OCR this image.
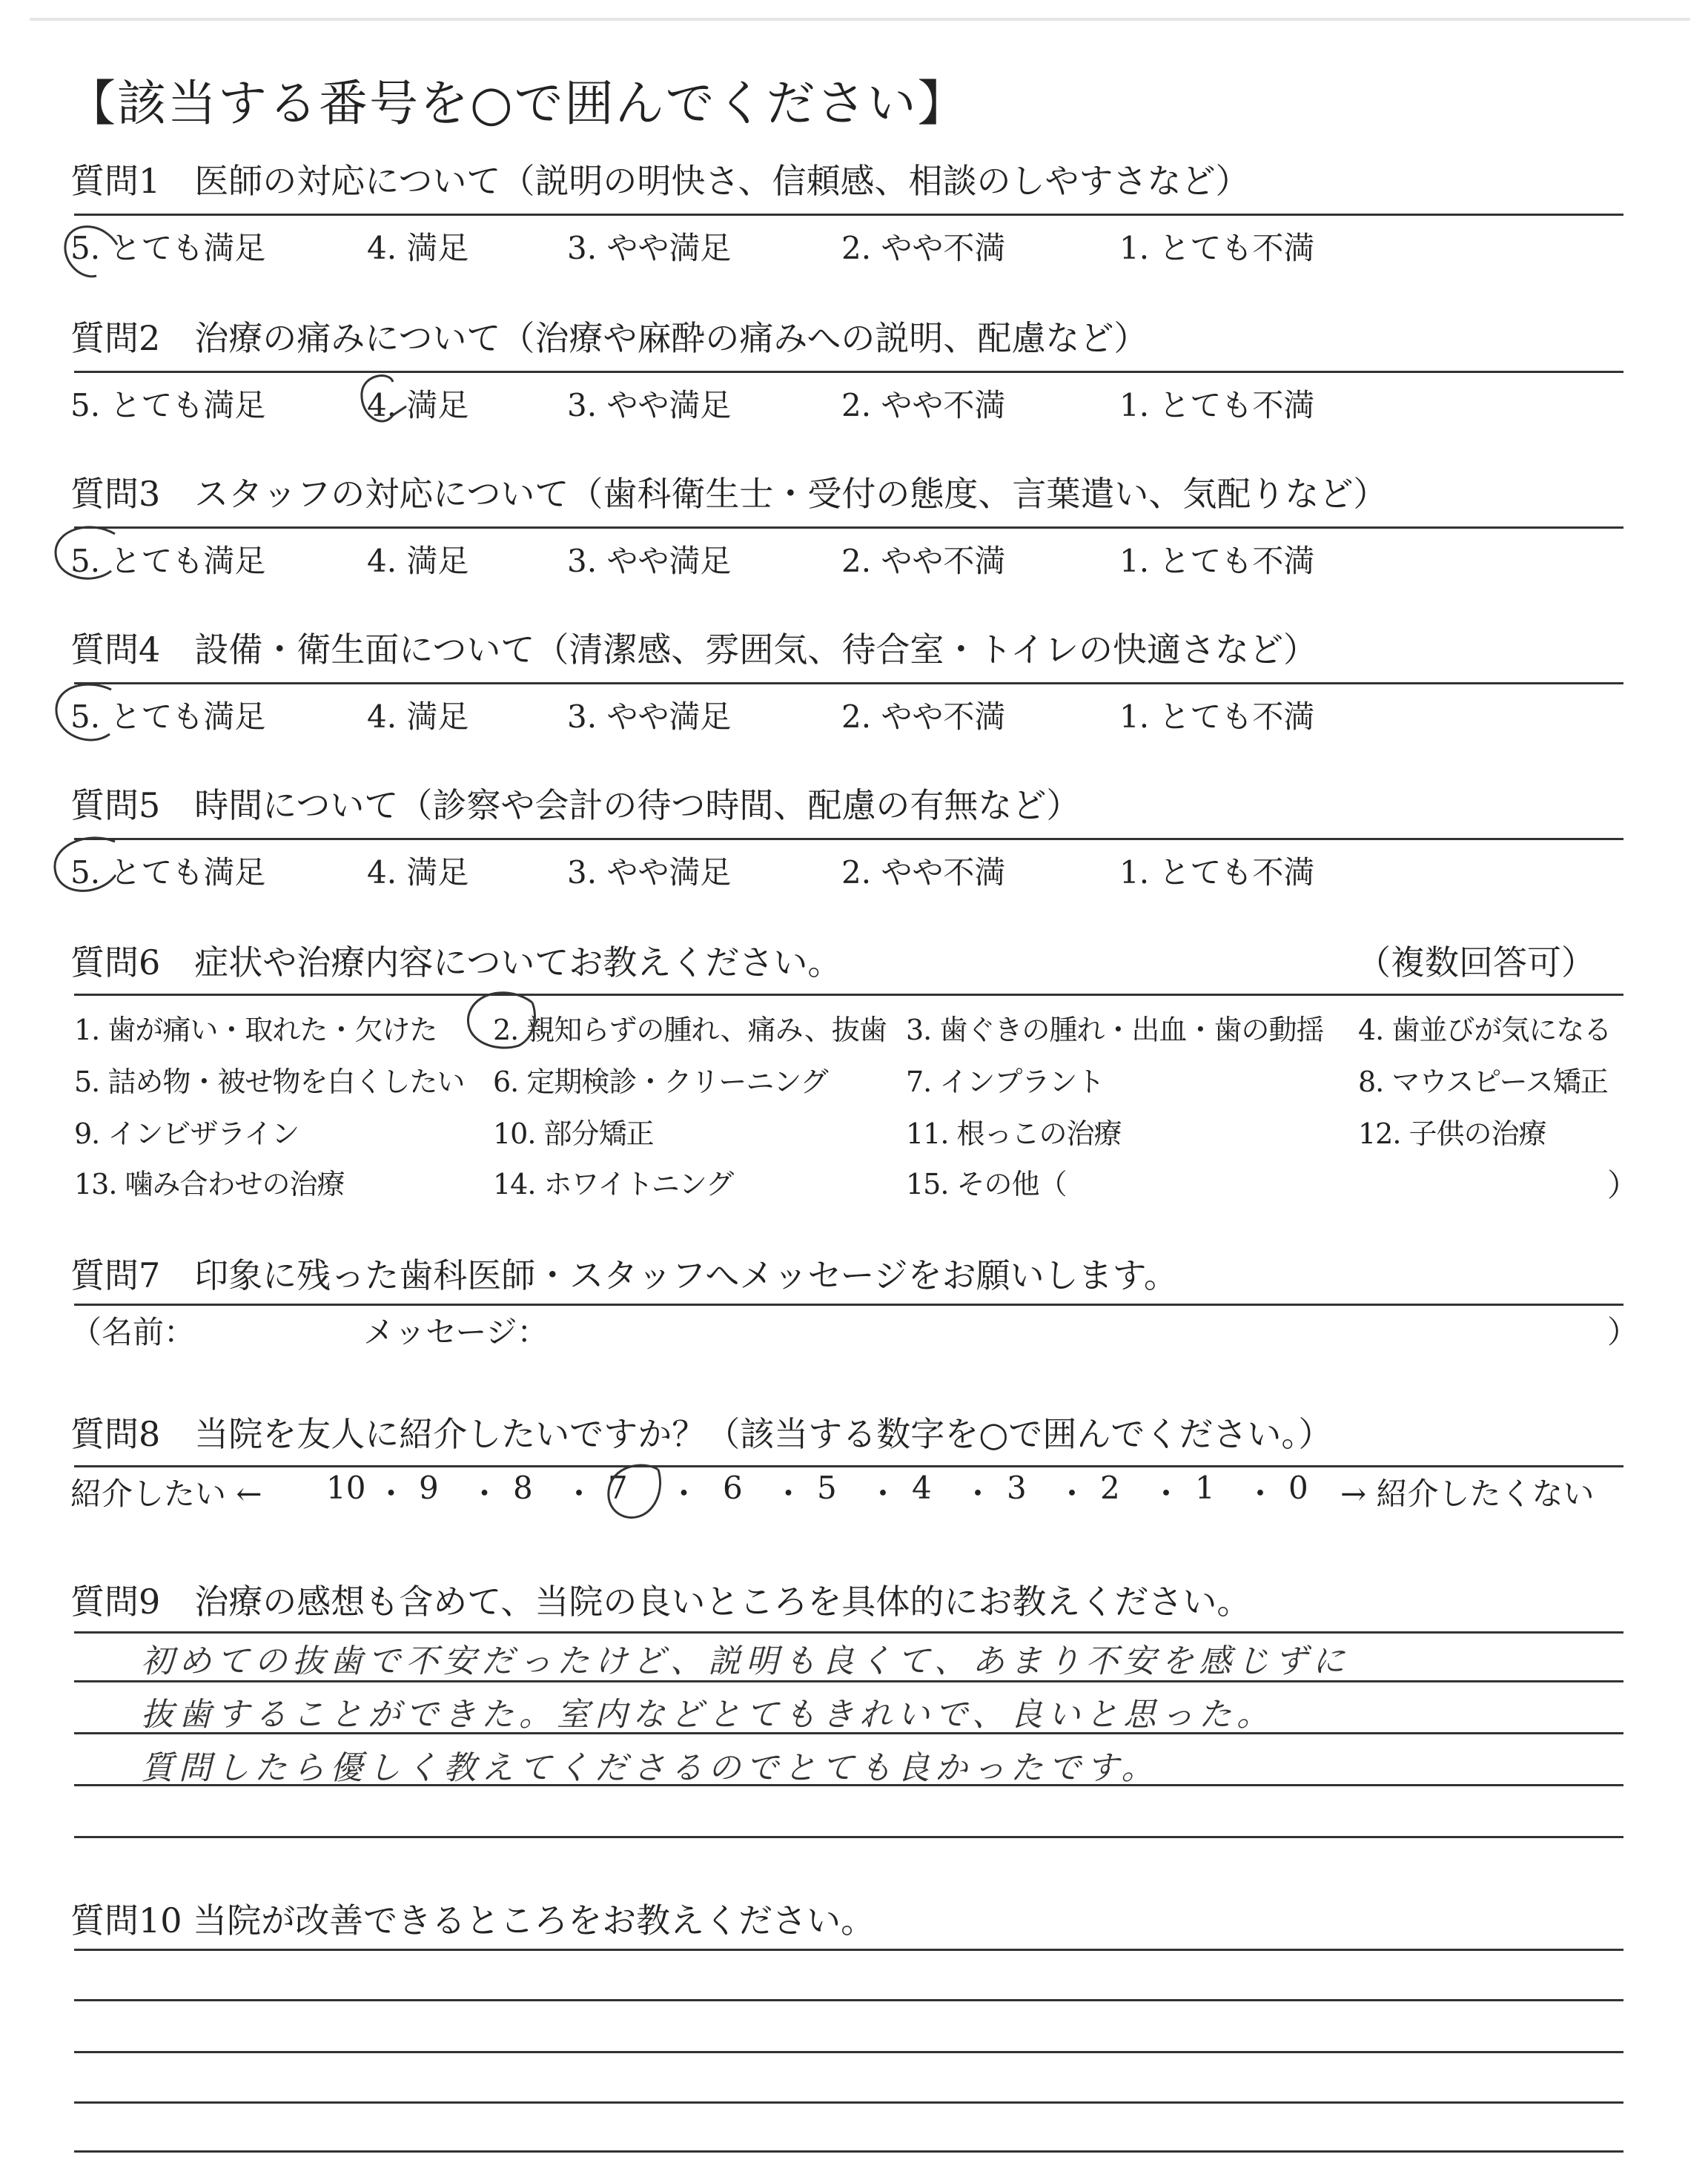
【該当する番号を○で囲んでください】
質問1　医師の対応について（説明の明快さ、信頼感、相談のしやすさなど）
5. とても満足	4. 満足	3. やや満足	2. やや不満	1. とても不満
質問2　治療の痛みについて（治療や麻酔の痛みへの説明、配慮など）
5. とても満足	4. 満足	3. やや満足	2. やや不満	1. とても不満
質問3　スタッフの対応について（歯科衛生士・受付の態度、言葉遣い、気配りなど）
5. とても満足	4. 満足	3. やや満足	2. やや不満	1. とても不満
質問4　設備・衛生面について（清潔感、雰囲気、待合室・トイレの快適さなど）
5. とても満足	4. 満足	3. やや満足	2. やや不満	1. とても不満
質問5　時間について（診察や会計の待つ時間、配慮の有無など）
5. とても満足	4. 満足	3. やや満足	2. やや不満	1. とても不満
質問6　症状や治療内容についてお教えください。	（複数回答可）
1. 歯が痛い・取れた・欠けた 2. 親知らずの腫れ、痛み、抜歯 3. 歯ぐきの腫れ・出血・歯の動揺 4. 歯並びが気になる
5. 詰め物・被せ物を白くしたい 6. 定期検診・クリーニング	7. インプラント	8. マウスピース矯正
9. インビザライン	10. 部分矯正	11. 根っこの治療	12. 子供の治療
13. 噛み合わせの治療	14. ホワイトニング	15. その他（	）
質問7　印象に残った歯科医師・スタッフへメッセージをお願いします。
（名前：	メッセージ：	）
質問8　当院を友人に紹介したいですか？（該当する数字を○で囲んでください。）
紹介したい ← 10 ・ 9 ・ 8 ・ 7 ・ 6 ・ 5 ・ 4 ・ 3 ・ 2 ・ 1 ・ 0 → 紹介したくない
質問9　治療の感想も含めて、当院の良いところを具体的にお教えください。
初めての抜歯で不安だったけど、説明も良くて、あまり不安を感じずに
抜歯することができた。室内などとてもきれいで、良いと思った。
質問したら優しく教えてくださるのでとても良かったです。
質問10 当院が改善できるところをお教えください。
